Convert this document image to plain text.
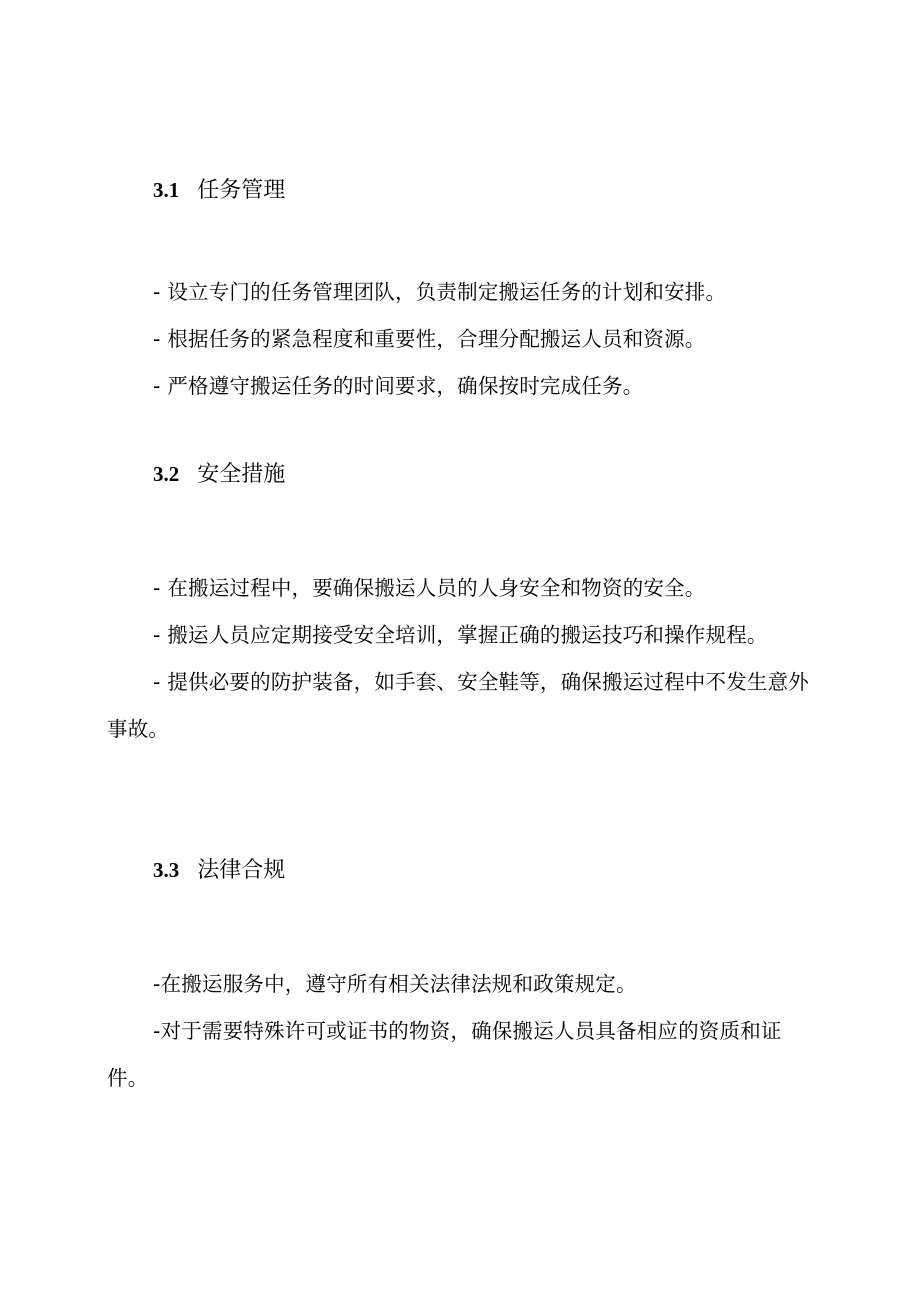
3.1 任务管理
- 设立专门的任务管理团队，负责制定搬运任务的计划和安排。
- 根据任务的紧急程度和重要性，合理分配搬运人员和资源。
- 严格遵守搬运任务的时间要求，确保按时完成任务。
3.2 安全措施
- 在搬运过程中，要确保搬运人员的人身安全和物资的安全。
- 搬运人员应定期接受安全培训，掌握正确的搬运技巧和操作规程。
- 提供必要的防护装备，如手套、安全鞋等，确保搬运过程中不发生意外事故。
3.3 法律合规
-在搬运服务中，遵守所有相关法律法规和政策规定。
-对于需要特殊许可或证书的物资，确保搬运人员具备相应的资质和证件。
